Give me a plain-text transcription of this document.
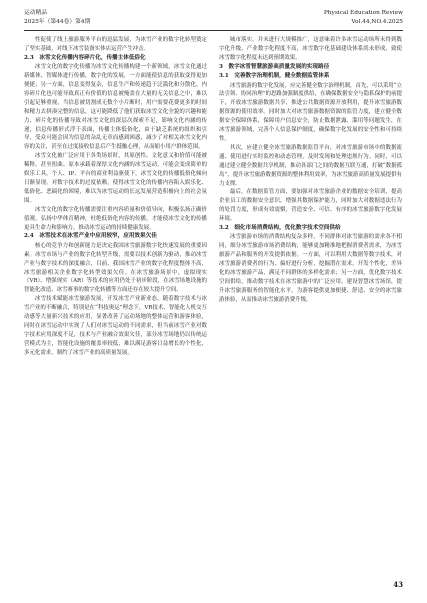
运动精品
2025年（第44卷）第4期
Physical Education Review
Vol.44,NO.4.2025

性促使了线上旅游服务平台的迅猛发展，为冰雪产业的数字化转型奠定了坚实基础，对线下冰雪装备实体店运营产生冲击。

2.3　冰雪文化传播内容碎片化，传播主体低俗化

冰雪文化的数字化传播为冰雪文化传播构建一个新领域，冰雪文化通过新媒体、智媒体进行传播，数字化的发展，一方面能使信息的获取变得更加便捷；另一方面，信息变得复杂，信息生产和传递趋于泛滥化和分散化，内容碎片化也可能导致真正有价值的信息被掩盖在大量的无关信息之中，难以引起足够重视。当信息被切割成无数个小片断时，用户需要花费更多的时间和精力去拼凑完整的信息，这可能降低了他们获取冰雪文化全貌的兴趣和能力，碎片化的传播导致对冰雪文化的深层次探索不足，影响文化内涵的传递，信息传播形式浮于表面，传播主体低俗化，由于缺乏系统的组织和引导，受众可能会因为信息的杂乱无章而感到困惑，减少了对相关冰雪文化内容的关注，甚至在过度接收信息后产生抵触心理，从而缩小用户群体范围。

冰雪文化被广泛应用于各类场景时，其原创性、文化意义和价值可能被稀释，甚至扭曲。原本承载着深厚文化内涵的冰雪运动，可能会变成简单的娱乐工具。个人、IP、平台的商业利益驱使下，冰雪文化的传播低俗化倾向日渐显现。对数字技术的过度依赖，使得冰雪文化的传播内容陷入娱乐化、低俗化、恶搞化的困境，难以为冰雪运动的长远发展营造积极向上的社会氛围。

冰雪文化的数字化传播需要注重内容质量和价值导向，积极弘扬正确价值观，弘扬中华体育精神，杜绝低俗化内容的传播，才能使冰雪文化的传播更具生命力和影响力，推动冰雪运动的持续健康发展。

2.4　冰雪技术在冰雪产业中应用较窄，应用效果欠佳

核心的竞争力和创新能力是决定我国冰雪旅游数字化快速发展的重要因素。冰雪市场与产业的数字化转型升级，需要以技术创新为驱动，推动冰雪产业与数字技术的深度融合，目前，我国冰雪产业的数字化程度整体不高，冰雪旅游相关企业数字化转型效果欠佳。在冰雪旅游场景中，虚拟现实（VR）、增强现实（AR）等技术的应用仍处于初步阶段，在冰雪场地设施的智能化改造、冰雪赛事的数字化转播等方面还存在较大提升空间。

冰雪技术赋能冰雪旅游发展，开发冰雪产业新业态，随着数字技术与冰雪产业的不断融合，特别是在“科技奥运”理念下，VR技术、智能化人机交互动感等大量新兴技术的应用，显著改善了运动场地的整体运营和游客体验，同时在冰雪运动中实现了人们对冰雪运动的不同需求，但当前冰雪产业对数字技术应用深度不足，技术与产业融合效果欠佳，部分冰雪场地仍以传统运营模式为主，智能化设施的覆盖率较低，难以满足游客日益增长的个性化、多元化需求，制约了冰雪产业的高质量发展。

城市落实，并未进行大规模推广，这意味着许多冰雪运动场所未得到数字化升级，产业数字化程度不高，冰雪数字化基础建设体系尚未形成，致使冰雪数字化程度未达到预期效果。

3　数字冰雪智慧旅游高质量发展的实现路径
3.1　完善数字治理机制，健全数据监管体系

冰雪旅游的数字化发展，应完善健全数字治理机制，首先，可以采用“立法引领、协同治理”的思路加强制度供给，在确保数据安全与隐私保护的前提下，开放冰雪旅游数据共享，推进公共数据资源开放利用，提升冰雪旅游数据资源的使用效率。同时加大对冰雪旅游数据资源的监管力度，建立健全数据安全保障体系，保障用户信息安全，防止数据泄露、滥用等问题发生，在冰雪旅游领域，完善个人信息保护制度，确保数字化发展的安全性和可持续性。

其次，应建立健全冰雪旅游数据监管平台，对冰雪旅游市场中的数据流通、使用进行实时监控和动态管理，及时发现和处理违规行为。同时，可以通过建立健全数据共享机制，推动各部门之间的数据互联互通，打破“数据孤岛”，提升冰雪旅游数据资源的整体利用效率，为冰雪旅游高质量发展提供有力支撑。

最后，在数据监管方面，要加强对冰雪旅游企业的数据安全培训，提高企业员工的数据安全意识，增强其数据保护能力，同时加大对数据违法行为的处罚力度，形成有效震慑，营造安全、可信、有序的冰雪旅游数字化发展环境。

3.2　细化市场消费结构，优化数字技术空间供给

冰雪旅游市场的消费结构复杂多样，不同群体对冰雪旅游的需求各不相同，细分冰雪旅游市场消费结构，能够更加精准地把握消费者需求，为冰雪旅游产品和服务的开发提供依据。一方面，可以利用大数据等数字技术，对冰雪旅游消费者的行为、偏好进行分析，挖掘潜在需求，开发个性化、差异化的冰雪旅游产品，满足不同群体的多样化需求；另一方面，优化数字技术空间供给，推动数字技术在冰雪旅游中的广泛应用，建设智慧冰雪场馆，提升冰雪旅游服务的智能化水平，为游客提供更加便捷、舒适、安全的冰雪旅游体验，从而推动冰雪旅游消费升级。

43
